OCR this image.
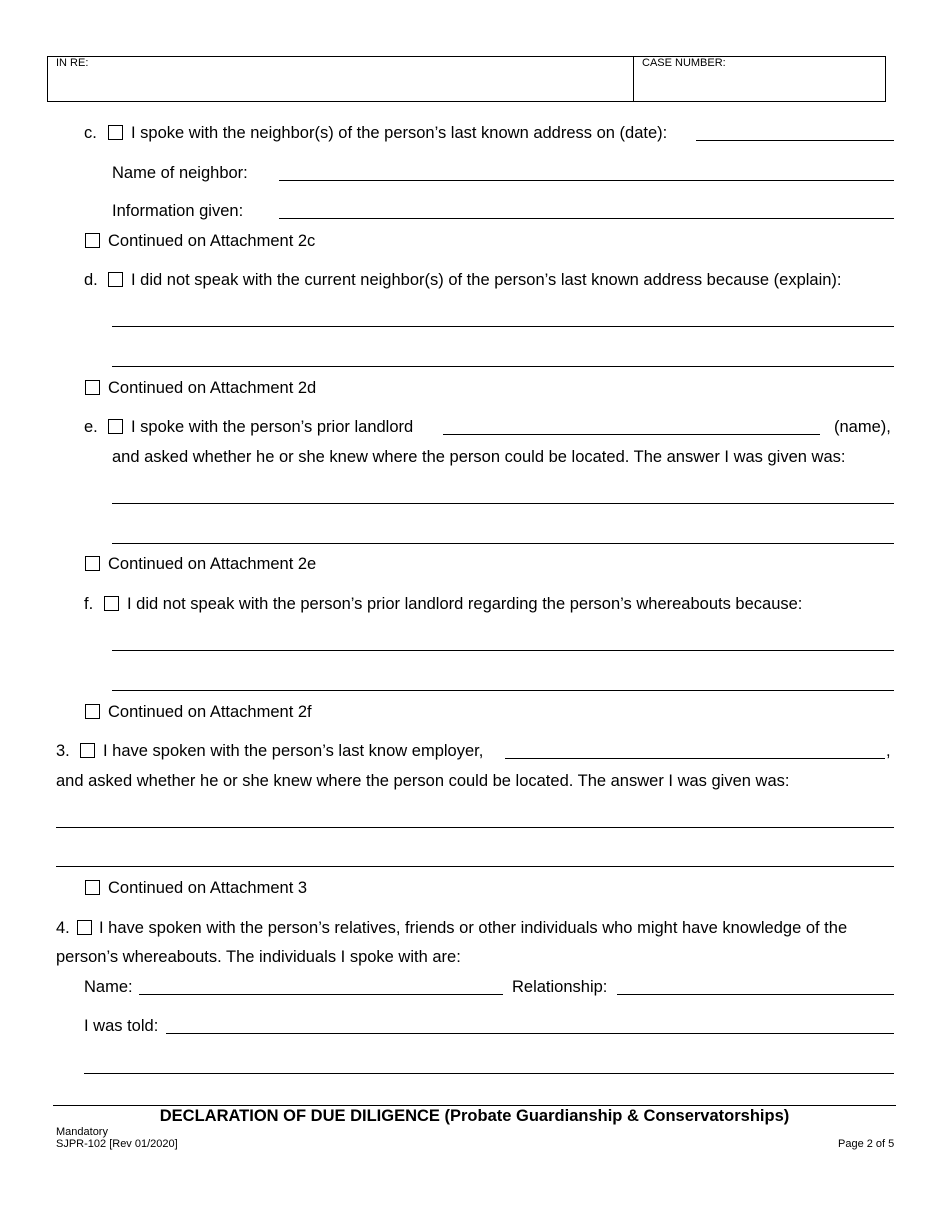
IN RE:	CASE NUMBER:
c. I spoke with the neighbor(s) of the person’s last known address on (date):
Name of neighbor:
Information given:
Continued on Attachment 2c
d. I did not speak with the current neighbor(s) of the person’s last known address because (explain):
Continued on Attachment 2d
e. I spoke with the person’s prior landlord	(name),
and asked whether he or she knew where the person could be located. The answer I was given was:
Continued on Attachment 2e
f. I did not speak with the person’s prior landlord regarding the person’s whereabouts because:
Continued on Attachment 2f
3. I have spoken with the person’s last know employer,	,
and asked whether he or she knew where the person could be located. The answer I was given was:
Continued on Attachment 3
4. I have spoken with the person’s relatives, friends or other individuals who might have knowledge of the
person’s whereabouts. The individuals I spoke with are:
Name:	Relationship:
I was told:
DECLARATION OF DUE DILIGENCE (Probate Guardianship & Conservatorships)
Mandatory
SJPR-102 [Rev 01/2020]	Page 2 of 5
